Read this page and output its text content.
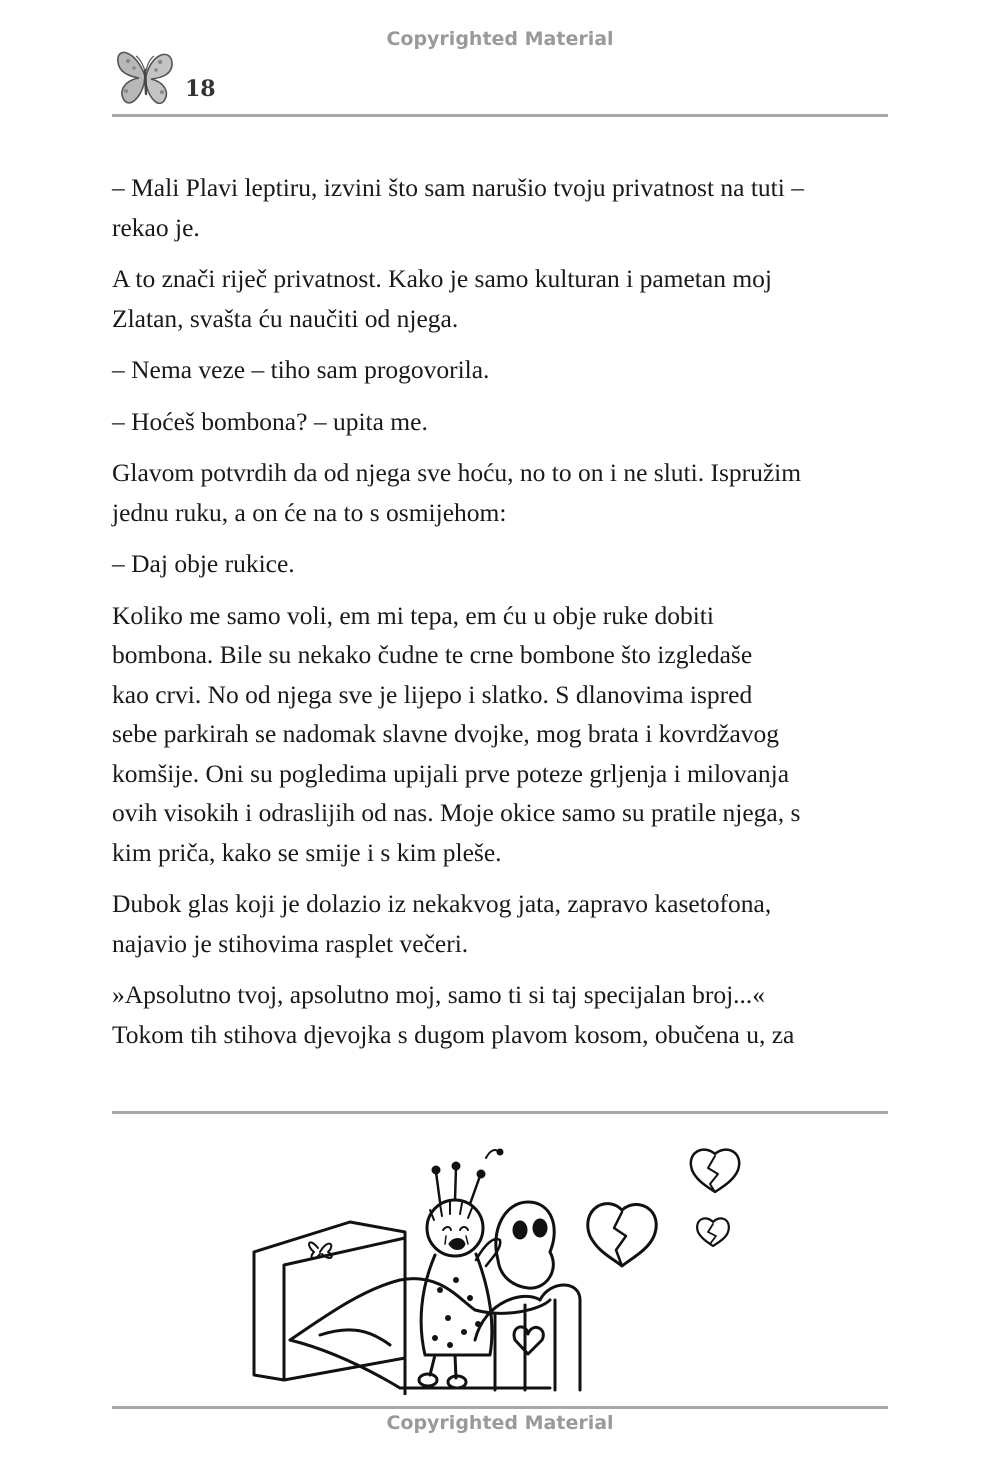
Copyrighted Material
18

– Mali Plavi leptiru, izvini što sam narušio tvoju privatnost na tuti –
rekao je.

A to znači riječ privatnost. Kako je samo kulturan i pametan moj
Zlatan, svašta ću naučiti od njega.

– Nema veze – tiho sam progovorila.

– Hoćeš bombona? – upita me.

Glavom potvrdih da od njega sve hoću, no to on i ne sluti. Ispružim
jednu ruku, a on će na to s osmijehom:

– Daj obje rukice.

Koliko me samo voli, em mi tepa, em ću u obje ruke dobiti
bombona. Bile su nekako čudne te crne bombone što izgledaše
kao crvi. No od njega sve je lijepo i slatko. S dlanovima ispred
sebe parkirah se nadomak slavne dvojke, mog brata i kovrdžavog
komšije. Oni su pogledima upijali prve poteze grljenja i milovanja
ovih visokih i odraslijih od nas. Moje okice samo su pratile njega, s
kim priča, kako se smije i s kim pleše.

Dubok glas koji je dolazio iz nekakvog jata, zapravo kasetofona,
najavio je stihovima rasplet večeri.

»Apsolutno tvoj, apsolutno moj, samo ti si taj specijalan broj...«
Tokom tih stihova djevojka s dugom plavom kosom, obučena u, za

Copyrighted Material
